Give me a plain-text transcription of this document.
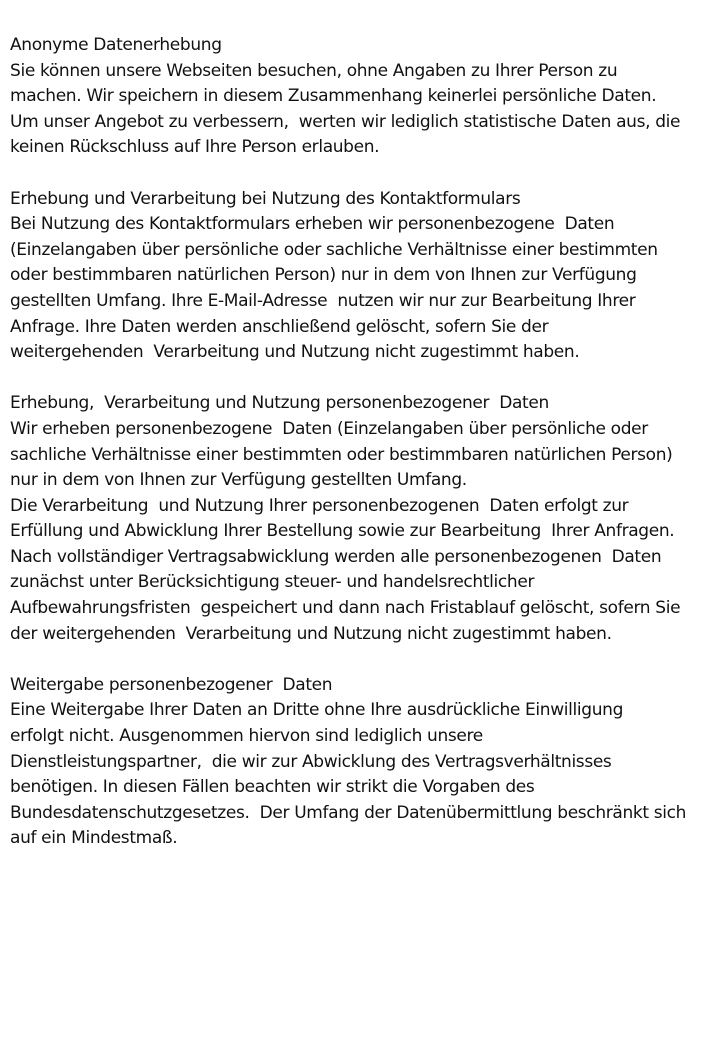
Anonyme Datenerhebung
Sie können unsere Webseiten besuchen, ohne Angaben zu Ihrer Person zu
machen. Wir speichern in diesem Zusammenhang keinerlei persönliche Daten.
Um unser Angebot zu verbessern,  werten wir lediglich statistische Daten aus, die
keinen Rückschluss auf Ihre Person erlauben.
Erhebung und Verarbeitung bei Nutzung des Kontaktformulars
Bei Nutzung des Kontaktformulars erheben wir personenbezogene  Daten
(Einzelangaben über persönliche oder sachliche Verhältnisse einer bestimmten
oder bestimmbaren natürlichen Person) nur in dem von Ihnen zur Verfügung
gestellten Umfang. Ihre E-Mail-Adresse  nutzen wir nur zur Bearbeitung Ihrer
Anfrage. Ihre Daten werden anschließend gelöscht, sofern Sie der
weitergehenden  Verarbeitung und Nutzung nicht zugestimmt haben.
Erhebung,  Verarbeitung und Nutzung personenbezogener  Daten
Wir erheben personenbezogene  Daten (Einzelangaben über persönliche oder
sachliche Verhältnisse einer bestimmten oder bestimmbaren natürlichen Person)
nur in dem von Ihnen zur Verfügung gestellten Umfang.
Die Verarbeitung  und Nutzung Ihrer personenbezogenen  Daten erfolgt zur
Erfüllung und Abwicklung Ihrer Bestellung sowie zur Bearbeitung  Ihrer Anfragen.
Nach vollständiger Vertragsabwicklung werden alle personenbezogenen  Daten
zunächst unter Berücksichtigung steuer- und handelsrechtlicher
Aufbewahrungsfristen  gespeichert und dann nach Fristablauf gelöscht, sofern Sie
der weitergehenden  Verarbeitung und Nutzung nicht zugestimmt haben.
Weitergabe personenbezogener  Daten
Eine Weitergabe Ihrer Daten an Dritte ohne Ihre ausdrückliche Einwilligung
erfolgt nicht. Ausgenommen hiervon sind lediglich unsere
Dienstleistungspartner,  die wir zur Abwicklung des Vertragsverhältnisses
benötigen. In diesen Fällen beachten wir strikt die Vorgaben des
Bundesdatenschutzgesetzes.  Der Umfang der Datenübermittlung beschränkt sich
auf ein Mindestmaß.
